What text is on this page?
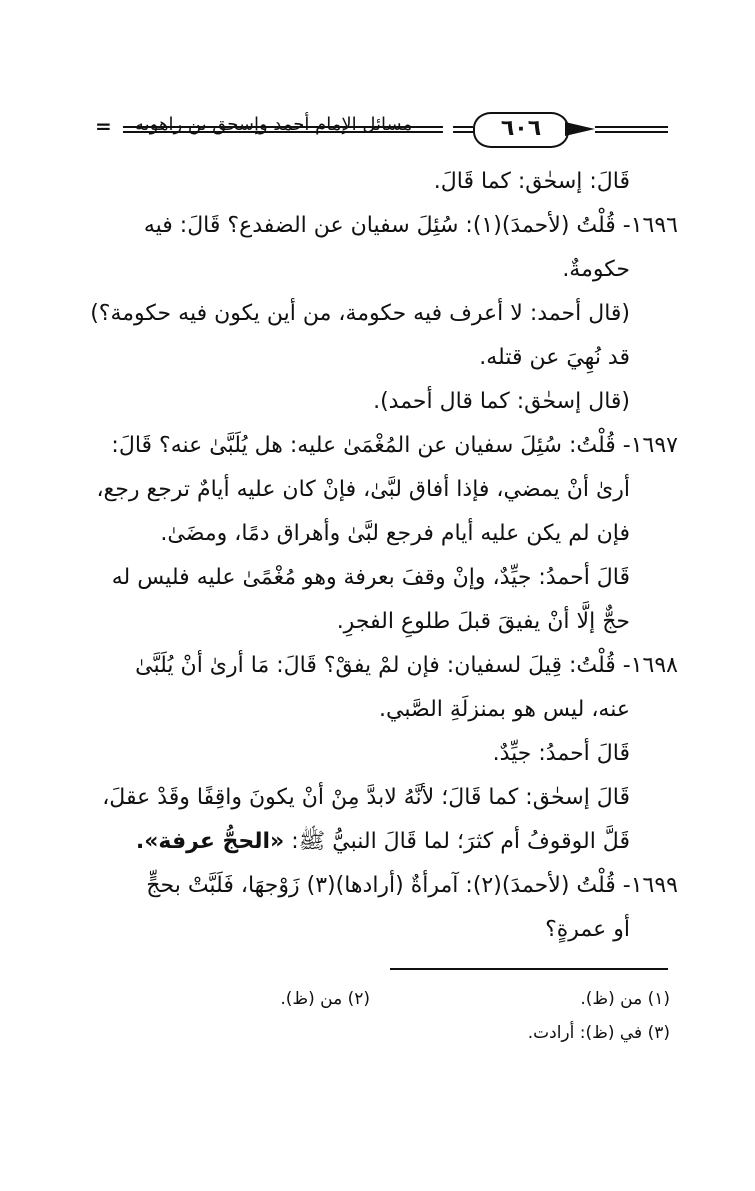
= مسائل الإمام أحمد وإسحق بن راهويه	٦٠٦

قَالَ: إسحٰق: كما قَالَ.

١٦٩٦- قُلْتُ (لأحمدَ)(١): سُئِلَ سفيان عن الضفدع؟ قَالَ: فيه

حكومةٌ.

(قال أحمد: لا أعرف فيه حكومة، من أين يكون فيه حكومة؟)

قد نُهِيَ عن قتله.

(قال إسحٰق: كما قال أحمد).

١٦٩٧- قُلْتُ: سُئِلَ سفيان عن المُغْمَىٰ عليه: هل يُلَبَّىٰ عنه؟ قَالَ:

أرىٰ أنْ يمضي، فإذا أفاق لبَّىٰ، فإنْ كان عليه أيامٌ ترجع رجع،

فإن لم يكن عليه أيام فرجع لبَّىٰ وأهراق دمًا، ومضَىٰ.

قَالَ أحمدُ: جيِّدٌ، وإنْ وقفَ بعرفة وهو مُغْمًىٰ عليه فليس له

حجٌّ إلَّا أنْ يفيقَ قبلَ طلوعِ الفجرِ.

١٦٩٨- قُلْتُ: قِيلَ لسفيان: فإن لمْ يفقْ؟ قَالَ: مَا أرىٰ أنْ يُلَبَّىٰ

عنه، ليس هو بمنزلَةِ الصَّبي.

قَالَ أحمدُ: جيِّدٌ.

قَالَ إسحٰق: كما قَالَ؛ لأنَّهُ لابدَّ مِنْ أنْ يكونَ واقِفًا وقَدْ عقلَ،

قَلَّ الوقوفُ أم كثرَ؛ لما قَالَ النبيُّ ﷺ: «الحجُّ عرفة».

١٦٩٩- قُلْتُ (لأحمدَ)(٢): آمرأةٌ (أرادها)(٣) زَوْجهَا، فَلَبَّتْ بحجٍّ

أو عمرةٍ؟

(١) من (ظ).
(٢) من (ظ).
(٣) في (ظ): أرادت.
